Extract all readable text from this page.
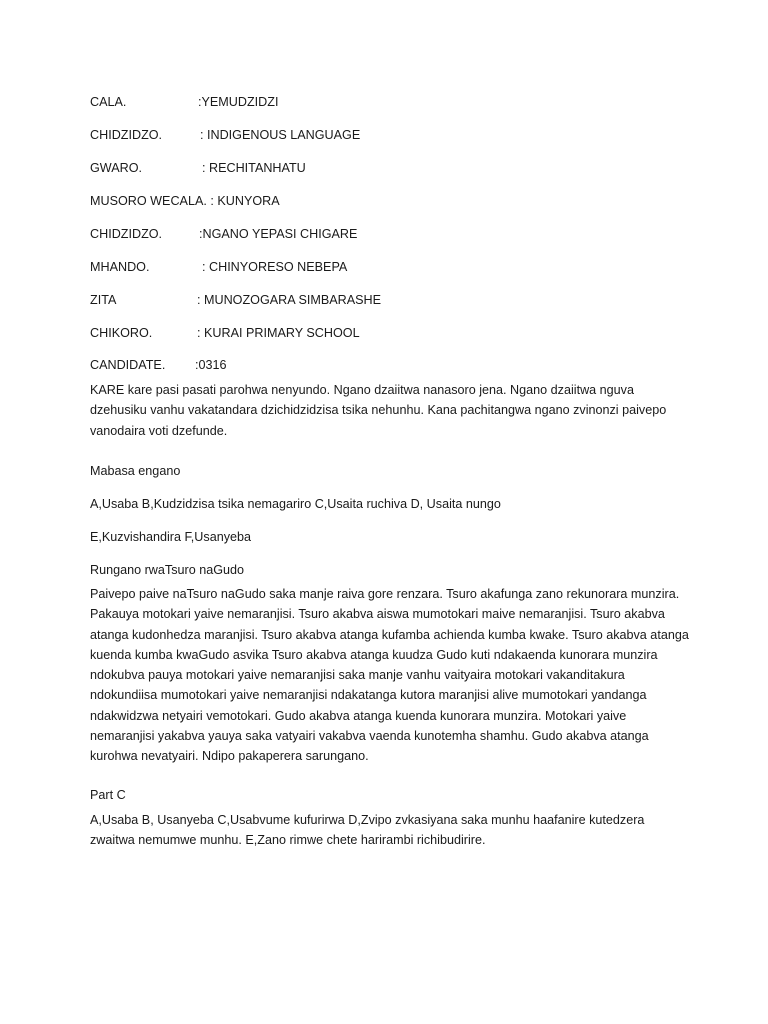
CALA.	:YEMUDZIDZI
CHIDZIDZO.	: INDIGENOUS LANGUAGE
GWARO.	: RECHITANHATU
MUSORO WECALA. : KUNYORA
CHIDZIDZO.	:NGANO YEPASI CHIGARE
MHANDO.	: CHINYORESO NEBEPA
ZITA	: MUNOZOGARA SIMBARASHE
CHIKORO.	: KURAI PRIMARY SCHOOL
CANDIDATE. :0316

KARE kare pasi pasati parohwa nenyundo. Ngano dzaiitwa nanasoro jena. Ngano dzaiitwa nguva dzehusiku vanhu vakatandara dzichidzidzisa tsika nehunhu. Kana pachitangwa ngano zvinonzi paivepo vanodaira voti dzefunde.

Mabasa engano
A,Usaba B,Kudzidzisa tsika nemagariro C,Usaita ruchiva D, Usaita nungo
E,Kuzvishandira F,Usanyeba
Rungano rwaTsuro naGudo

Paivepo paive naTsuro naGudo saka manje raiva gore renzara. Tsuro akafunga zano rekunorara munzira. Pakauya motokari yaive nemaranjisi. Tsuro akabva aiswa mumotokari maive nemaranjisi. Tsuro akabva atanga kudonhedza maranjisi. Tsuro akabva atanga kufamba achienda kumba kwake. Tsuro akabva atanga kuenda kumba kwaGudo asvika Tsuro akabva atanga kuudza Gudo kuti ndakaenda kunorara munzira ndokubva pauya motokari yaive nemaranjisi saka manje vanhu vaityaira motokari vakanditakura ndokundiisa mumotokari yaive nemaranjisi ndakatanga kutora maranjisi alive mumotokari yandanga ndakwidzwa netyairi vemotokari. Gudo akabva atanga kuenda kunorara munzira. Motokari yaive nemaranjisi yakabva yauya saka vatyairi vakabva vaenda kunotemha shamhu. Gudo akabva atanga kurohwa nevatyairi. Ndipo pakaperera sarungano.

Part C

A,Usaba B, Usanyeba C,Usabvume kufurirwa D,Zvipo zvkasiyana saka munhu haafanire kutedzera zwaitwa nemumwe munhu. E,Zano rimwe chete harirambi richibudirire.
